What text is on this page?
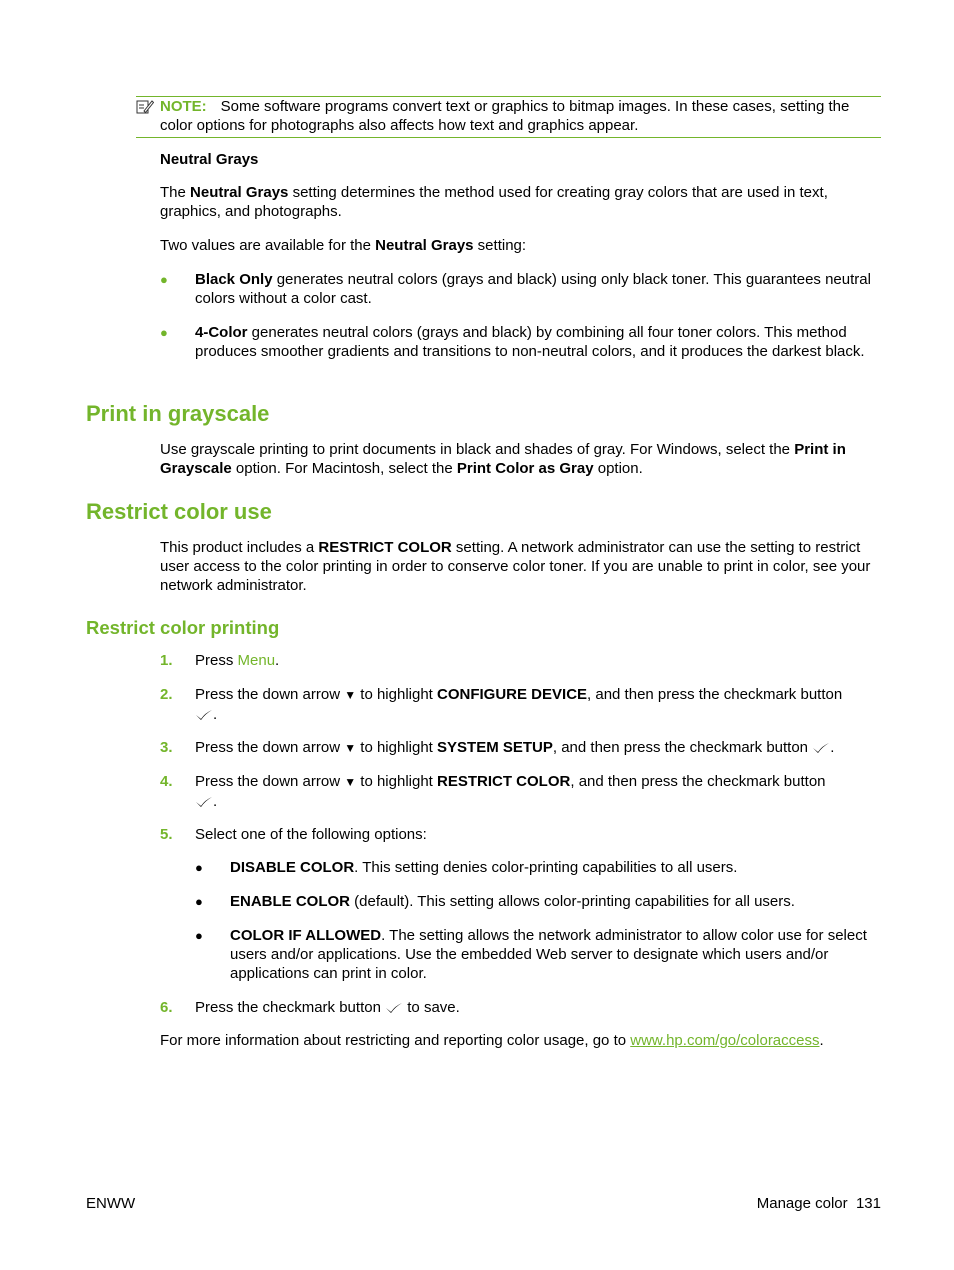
NOTE: Some software programs convert text or graphics to bitmap images. In these cases, setting the color options for photographs also affects how text and graphics appear.
Neutral Grays

The Neutral Grays setting determines the method used for creating gray colors that are used in text, graphics, and photographs.

Two values are available for the Neutral Grays setting:

● Black Only generates neutral colors (grays and black) using only black toner. This guarantees neutral colors without a color cast.
● 4-Color generates neutral colors (grays and black) by combining all four toner colors. This method produces smoother gradients and transitions to non-neutral colors, and it produces the darkest black.
Print in grayscale

Use grayscale printing to print documents in black and shades of gray. For Windows, select the Print in Grayscale option. For Macintosh, select the Print Color as Gray option.

Restrict color use

This product includes a RESTRICT COLOR setting. A network administrator can use the setting to restrict user access to the color printing in order to conserve color toner. If you are unable to print in color, see your network administrator.

Restrict color printing
1. Press Menu.
2. Press the down arrow ▼ to highlight CONFIGURE DEVICE, and then press the checkmark button
.
3. Press the down arrow ▼ to highlight SYSTEM SETUP, and then press the checkmark button .
4. Press the down arrow ▼ to highlight RESTRICT COLOR, and then press the checkmark button
.
5. Select one of the following options:
● DISABLE COLOR. This setting denies color-printing capabilities to all users.
● ENABLE COLOR (default). This setting allows color-printing capabilities for all users.
● COLOR IF ALLOWED. The setting allows the network administrator to allow color use for select users and/or applications. Use the embedded Web server to designate which users and/or applications can print in color.
6. Press the checkmark button  to save.

For more information about restricting and reporting color usage, go to www.hp.com/go/coloraccess.

ENWW	Manage color 131
